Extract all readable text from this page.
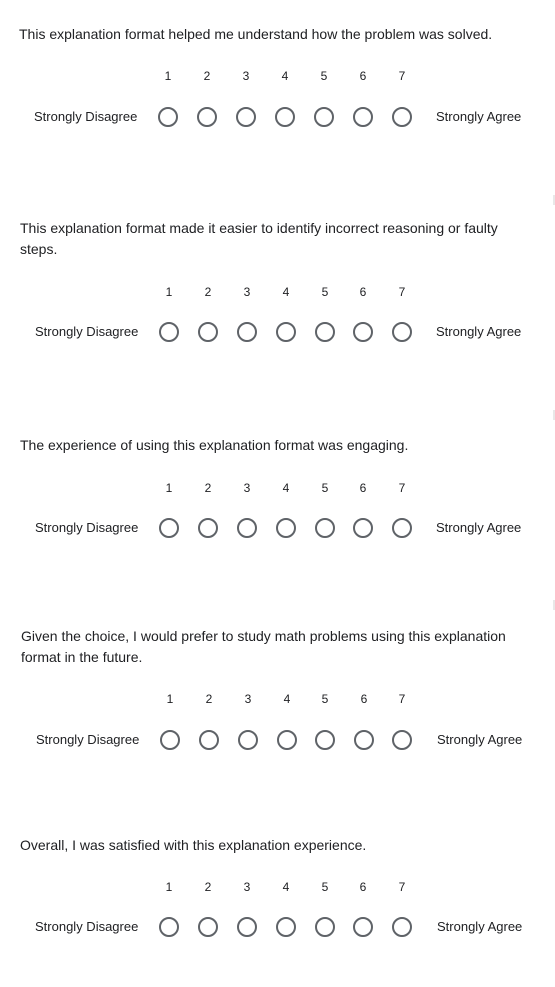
This explanation format helped me understand how the problem was solved.

1	2	3	4	5	6	7
Strongly Disagree	Strongly Agree

This explanation format made it easier to identify incorrect reasoning or faulty steps.

1	2	3	4	5	6	7
Strongly Disagree	Strongly Agree

The experience of using this explanation format was engaging.

1	2	3	4	5	6	7
Strongly Disagree	Strongly Agree

Given the choice, I would prefer to study math problems using this explanation format in the future.

1	2	3	4	5	6	7
Strongly Disagree	Strongly Agree

Overall, I was satisfied with this explanation experience.

1	2	3	4	5	6	7
Strongly Disagree	Strongly Agree
